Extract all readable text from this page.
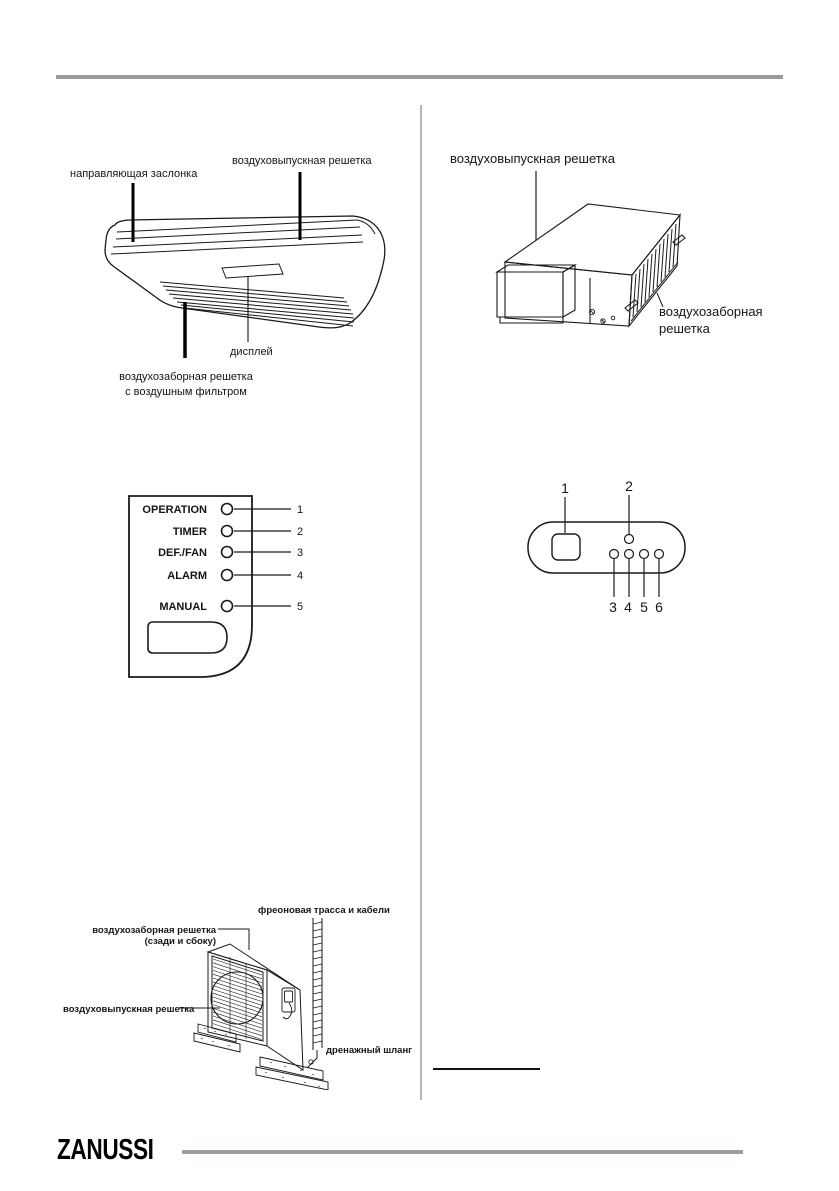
направляющая заслонка
воздуховыпускная решетка
дисплей
воздухозаборная решетка
с воздушным фильтром
OPERATION	1
TIMER	2
DEF./FAN	3
ALARM	4
MANUAL	5
воздуховыпускная решетка
воздухозаборная
решетка
1	2
3 4 5 6
фреоновая трасса и кабели
воздухозаборная решетка
(сзади и сбоку)
воздуховыпускная решетка
дренажный шланг
ZANUSSI
